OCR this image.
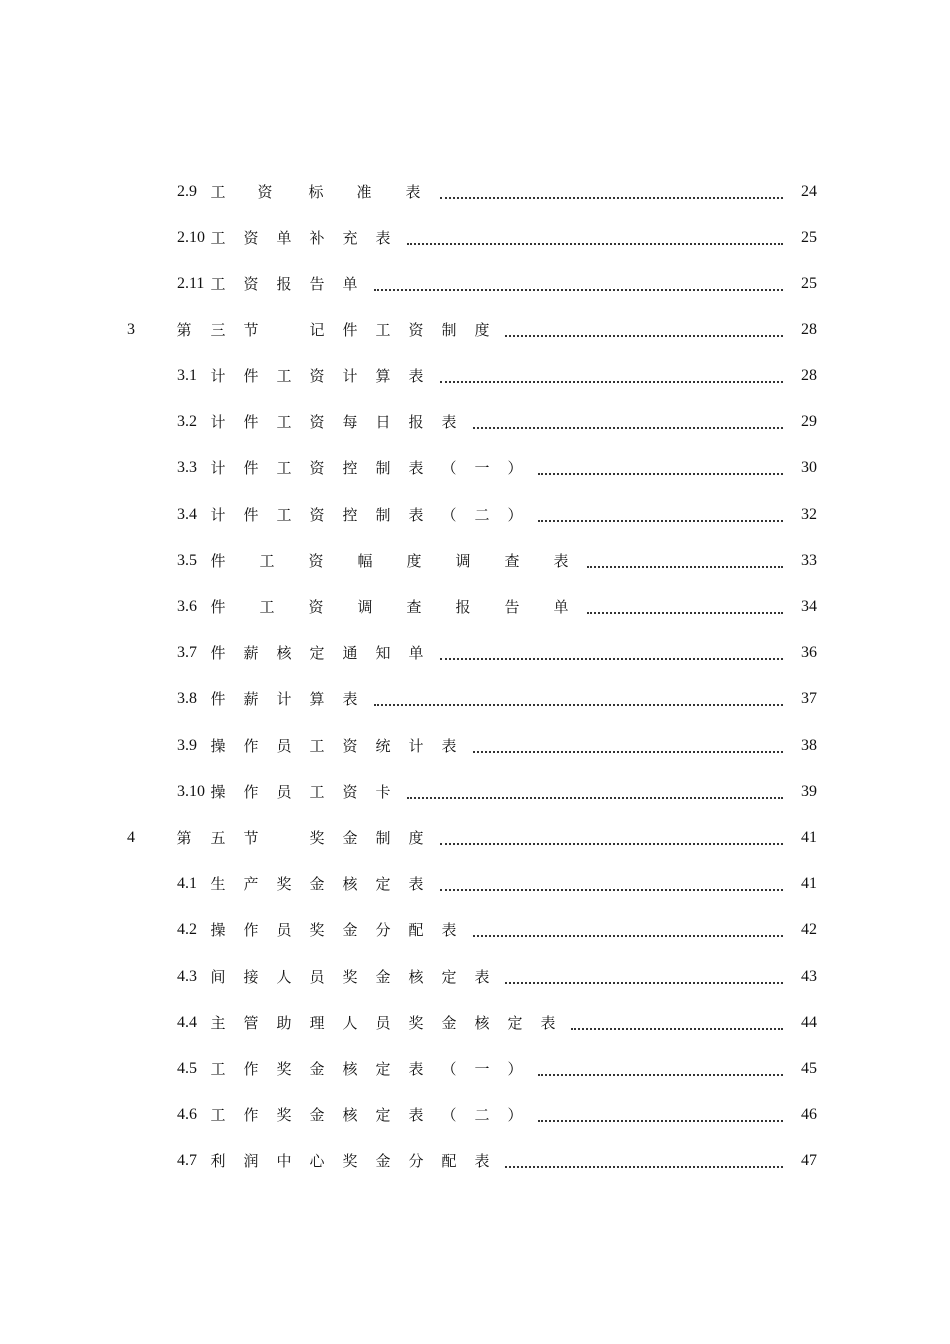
2.9 工 资 标 准 表	24
2.10 工 资 单 补 充 表	25
2.11 工 资 报 告 单	25
3	第 三 节	记 件 工 资 制 度	28
3.1 计 件 工 资 计 算 表	28
3.2 计 件 工 资 每 日 报 表	29
3.3 计 件 工 资 控 制 表 （ 一 ）	30
3.4 计 件 工 资 控 制 表 （ 二 ）	32
3.5 件 工 资 幅 度 调 查 表	33
3.6 件 工 资 调 查 报 告 单	34
3.7 件 薪 核 定 通 知 单	36
3.8 件 薪 计 算 表	37
3.9 操 作 员 工 资 统 计 表	38
3.10 操 作 员 工 资 卡	39
4	第 五 节	奖 金 制 度	41
4.1 生 产 奖 金 核 定 表	41
4.2 操 作 员 奖 金 分 配 表	42
4.3 间 接 人 员 奖 金 核 定 表	43
4.4 主 管 助 理 人 员 奖 金 核 定 表	44
4.5 工 作 奖 金 核 定 表 （ 一 ）	45
4.6 工 作 奖 金 核 定 表 （ 二 ）	46
4.7 利 润 中 心 奖 金 分 配 表	47
